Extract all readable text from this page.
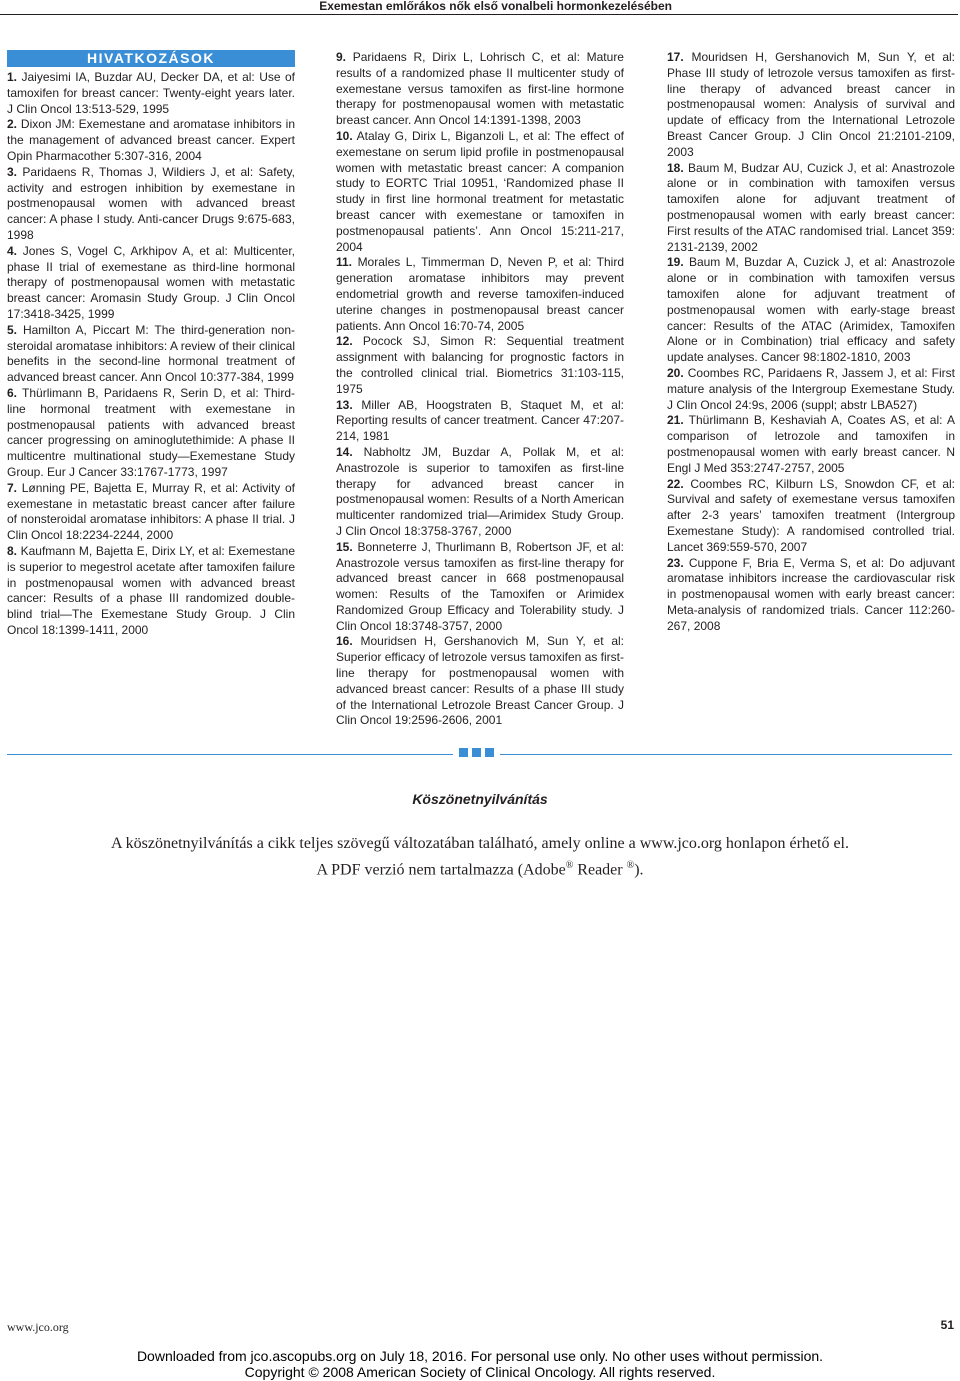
Exemestan emlőrákos nők első vonalbeli hormonkezelésében
HIVATKOZÁSOK

1. Jaiyesimi IA, Buzdar AU, Decker DA, et al: Use of tamoxifen for breast cancer: Twenty-eight years later. J Clin Oncol 13:513-529, 1995

2. Dixon JM: Exemestane and aromatase inhibitors in the management of advanced breast cancer. Expert Opin Pharmacother 5:307-316, 2004

3. Paridaens R, Thomas J, Wildiers J, et al: Safety, activity and estrogen inhibition by exemestane in postmenopausal women with advanced breast cancer: A phase I study. Anti-cancer Drugs 9:675-683, 1998

4. Jones S, Vogel C, Arkhipov A, et al: Multicenter, phase II trial of exemestane as third-line hormonal therapy of postmenopausal women with metastatic breast cancer: Aromasin Study Group. J Clin Oncol 17:3418-3425, 1999

5. Hamilton A, Piccart M: The third-generation non-steroidal aromatase inhibitors: A review of their clinical benefits in the second-line hormonal treatment of advanced breast cancer. Ann Oncol 10:377-384, 1999

6. Thürlimann B, Paridaens R, Serin D, et al: Third-line hormonal treatment with exemestane in postmenopausal patients with advanced breast cancer progressing on aminoglutethimide: A phase II multicentre multinational study—Exemestane Study Group. Eur J Cancer 33:1767-1773, 1997

7. Lønning PE, Bajetta E, Murray R, et al: Activity of exemestane in metastatic breast cancer after failure of nonsteroidal aromatase inhibitors: A phase II trial. J Clin Oncol 18:2234-2244, 2000

8. Kaufmann M, Bajetta E, Dirix LY, et al: Exemestane is superior to megestrol acetate after tamoxifen failure in postmenopausal women with advanced breast cancer: Results of a phase III randomized double-blind trial—The Exemestane Study Group. J Clin Oncol 18:1399-1411, 2000

9. Paridaens R, Dirix L, Lohrisch C, et al: Mature results of a randomized phase II multicenter study of exemestane versus tamoxifen as first-line hormone therapy for postmenopausal women with metastatic breast cancer. Ann Oncol 14:1391-1398, 2003

10. Atalay G, Dirix L, Biganzoli L, et al: The effect of exemestane on serum lipid profile in postmenopausal women with metastatic breast cancer: A companion study to EORTC Trial 10951, ‘Randomized phase II study in first line hormonal treatment for metastatic breast cancer with exemestane or tamoxifen in postmenopausal patients’. Ann Oncol 15:211-217, 2004

11. Morales L, Timmerman D, Neven P, et al: Third generation aromatase inhibitors may prevent endometrial growth and reverse tamoxifen-induced uterine changes in postmenopausal breast cancer patients. Ann Oncol 16:70-74, 2005

12. Pocock SJ, Simon R: Sequential treatment assignment with balancing for prognostic factors in the controlled clinical trial. Biometrics 31:103-115, 1975

13. Miller AB, Hoogstraten B, Staquet M, et al: Reporting results of cancer treatment. Cancer 47:207-214, 1981

14. Nabholtz JM, Buzdar A, Pollak M, et al: Anastrozole is superior to tamoxifen as first-line therapy for advanced breast cancer in postmenopausal women: Results of a North American multicenter randomized trial—Arimidex Study Group. J Clin Oncol 18:3758-3767, 2000

15. Bonneterre J, Thurlimann B, Robertson JF, et al: Anastrozole versus tamoxifen as first-line therapy for advanced breast cancer in 668 postmenopausal women: Results of the Tamoxifen or Arimidex Randomized Group Efficacy and Tolerability study. J Clin Oncol 18:3748-3757, 2000

16. Mouridsen H, Gershanovich M, Sun Y, et al: Superior efficacy of letrozole versus tamoxifen as first-line therapy for postmenopausal women with advanced breast cancer: Results of a phase III study of the International Letrozole Breast Cancer Group. J Clin Oncol 19:2596-2606, 2001

17. Mouridsen H, Gershanovich M, Sun Y, et al: Phase III study of letrozole versus tamoxifen as first-line therapy of advanced breast cancer in postmenopausal women: Analysis of survival and update of efficacy from the International Letrozole Breast Cancer Group. J Clin Oncol 21:2101-2109, 2003

18. Baum M, Budzar AU, Cuzick J, et al: Anastrozole alone or in combination with tamoxifen versus tamoxifen alone for adjuvant treatment of postmenopausal women with early breast cancer: First results of the ATAC randomised trial. Lancet 359: 2131-2139, 2002

19. Baum M, Buzdar A, Cuzick J, et al: Anastrozole alone or in combination with tamoxifen versus tamoxifen alone for adjuvant treatment of postmenopausal women with early-stage breast cancer: Results of the ATAC (Arimidex, Tamoxifen Alone or in Combination) trial efficacy and safety update analyses. Cancer 98:1802-1810, 2003

20. Coombes RC, Paridaens R, Jassem J, et al: First mature analysis of the Intergroup Exemestane Study. J Clin Oncol 24:9s, 2006 (suppl; abstr LBA527)

21. Thürlimann B, Keshaviah A, Coates AS, et al: A comparison of letrozole and tamoxifen in postmenopausal women with early breast cancer. N Engl J Med 353:2747-2757, 2005

22. Coombes RC, Kilburn LS, Snowdon CF, et al: Survival and safety of exemestane versus tamoxifen after 2-3 years’ tamoxifen treatment (Intergroup Exemestane Study): A randomised controlled trial. Lancet 369:559-570, 2007

23. Cuppone F, Bria E, Verma S, et al: Do adjuvant aromatase inhibitors increase the cardiovascular risk in postmenopausal women with early breast cancer: Meta-analysis of randomized trials. Cancer 112:260- 267, 2008

Köszönetnyilvánítás
A köszönetnyilvánítás a cikk teljes szövegű változatában található, amely online a www.jco.org honlapon érhető el.
A PDF verzió nem tartalmazza (Adobe® Reader ®).
www.jco.org	51
Downloaded from jco.ascopubs.org on July 18, 2016. For personal use only. No other uses without permission.
Copyright © 2008 American Society of Clinical Oncology. All rights reserved.
